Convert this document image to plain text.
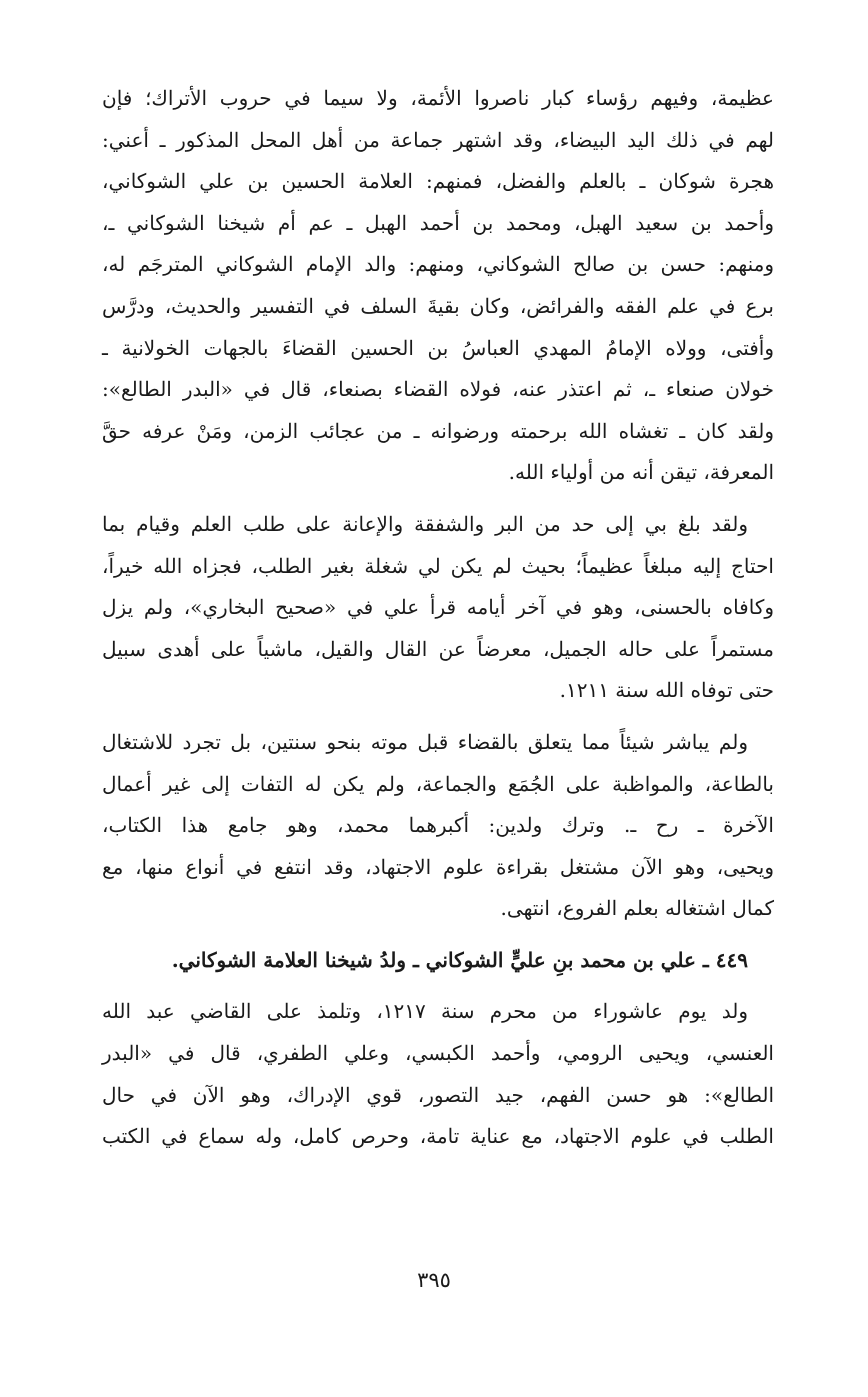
عظيمة، وفيهم رؤساء كبار ناصروا الأئمة، ولا سيما في حروب الأتراك؛ فإن
لهم في ذلك اليد البيضاء، وقد اشتهر جماعة من أهل المحل المذكور ـ أعني:
هجرة شوكان ـ بالعلم والفضل، فمنهم: العلامة الحسين بن علي الشوكاني،
وأحمد بن سعيد الهبل، ومحمد بن أحمد الهبل ـ عم أم شيخنا الشوكاني ـ،
ومنهم: حسن بن صالح الشوكاني، ومنهم: والد الإمام الشوكاني المترجَم له،
برع في علم الفقه والفرائض، وكان بقيةَ السلف في التفسير والحديث، ودرَّس
وأفتى، وولاه الإمامُ المهدي العباسُ بن الحسين القضاءَ بالجهات الخولانية ـ
خولان صنعاء ـ، ثم اعتذر عنه، فولاه القضاء بصنعاء، قال في «البدر الطالع»:
ولقد كان ـ تغشاه الله برحمته ورضوانه ـ من عجائب الزمن، ومَنْ عرفه حقَّ
المعرفة، تيقن أنه من أولياء الله.

ولقد بلغ بي إلى حد من البر والشفقة والإعانة على طلب العلم وقيام بما
احتاج إليه مبلغاً عظيماً؛ بحيث لم يكن لي شغلة بغير الطلب، فجزاه الله خيراً،
وكافاه بالحسنى، وهو في آخر أيامه قرأ علي في «صحيح البخاري»، ولم يزل
مستمراً على حاله الجميل، معرضاً عن القال والقيل، ماشياً على أهدى سبيل
حتى توفاه الله سنة ١٢١١.

ولم يباشر شيئاً مما يتعلق بالقضاء قبل موته بنحو سنتين، بل تجرد للاشتغال
بالطاعة، والمواظبة على الجُمَع والجماعة، ولم يكن له التفات إلى غير أعمال
الآخرة ـ رح ـ. وترك ولدين: أكبرهما محمد، وهو جامع هذا الكتاب،
ويحيى، وهو الآن مشتغل بقراءة علوم الاجتهاد، وقد انتفع في أنواع منها، مع
كمال اشتغاله بعلم الفروع، انتهى.

٤٤٩ ـ علي بن محمد بنِ عليٍّ الشوكاني ـ ولدُ شيخنا العلامة الشوكاني.

ولد يوم عاشوراء من محرم سنة ١٢١٧، وتلمذ على القاضي عبد الله
العنسي، ويحيى الرومي، وأحمد الكبسي، وعلي الطفري، قال في «البدر
الطالع»: هو حسن الفهم، جيد التصور، قوي الإدراك، وهو الآن في حال
الطلب في علوم الاجتهاد، مع عناية تامة، وحرص كامل، وله سماع في الكتب

٣٩٥
